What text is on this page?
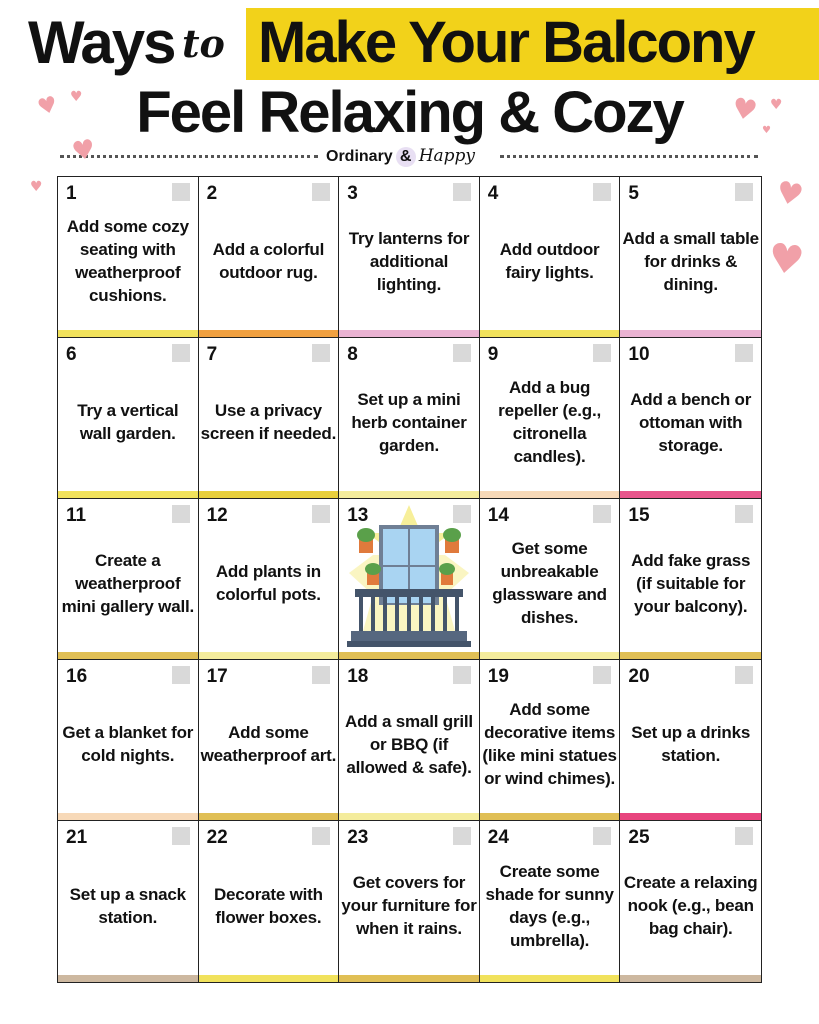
Ways to Make Your Balcony
Feel Relaxing & Cozy
Ordinary & Happy
♥ ♥
♥
♥
♥ ♥
♥
♥
♥
1
Add some cozy seating with weatherproof cushions.
2
Add a colorful outdoor rug.
3
Try lanterns for additional lighting.
4
Add outdoor fairy lights.
5
Add a small table for drinks & dining.
6
Try a vertical wall garden.
7
Use a privacy screen if needed.
8
Set up a mini herb container garden.
9
Add a bug repeller (e.g., citronella candles).
10
Add a bench or ottoman with storage.
11
Create a weatherproof mini gallery wall.
12
Add plants in colorful pots.
13	14
Get some unbreakable glassware and dishes.
15
Add fake grass (if suitable for your balcony).
16
Get a blanket for cold nights.
17
Add some weatherproof art.
18
Add a small grill or BBQ (if allowed & safe).
19
Add some decorative items (like mini statues or wind chimes).
20
Set up a drinks station.
21
Set up a snack station.
22
Decorate with flower boxes.
23
Get covers for your furniture for when it rains.
24
Create some shade for sunny days (e.g., umbrella).
25
Create a relaxing nook (e.g., bean bag chair).
